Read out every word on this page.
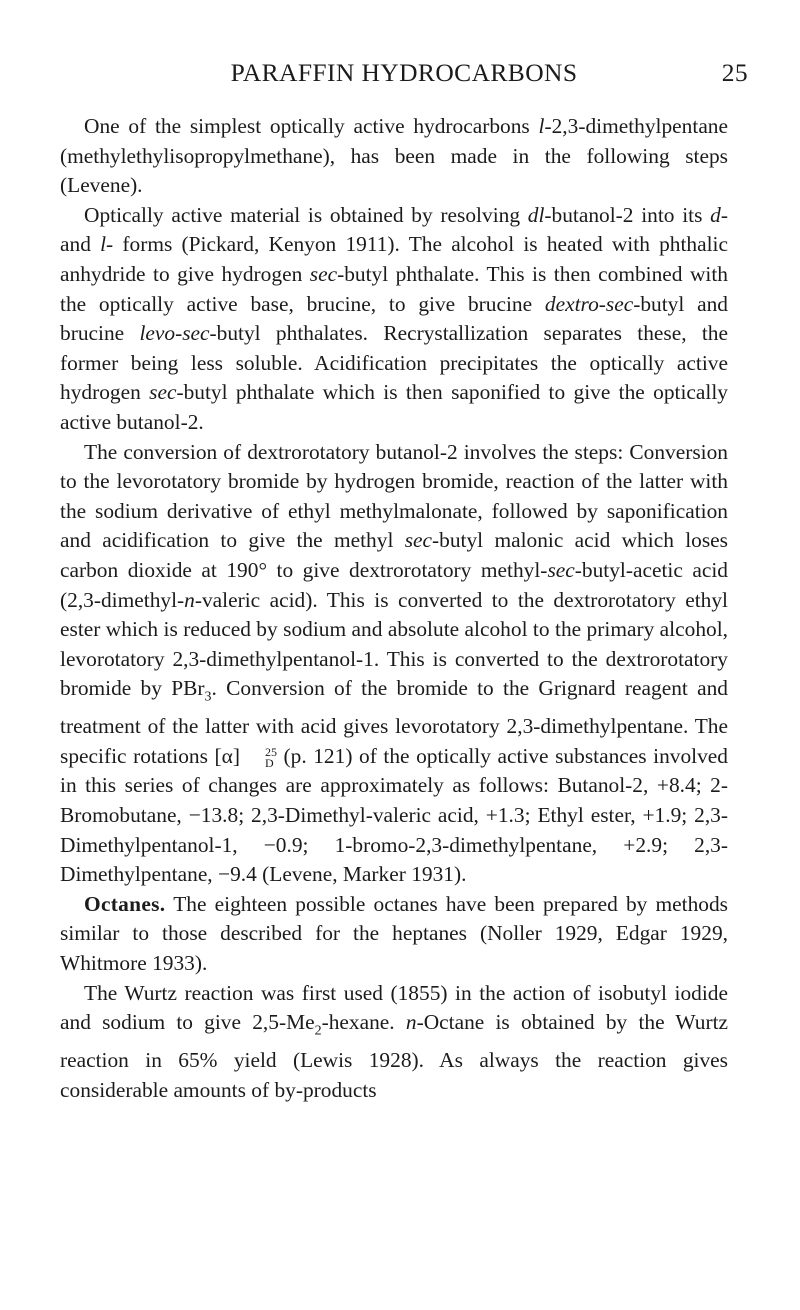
PARAFFIN HYDROCARBONS	25

One of the simplest optically active hydrocarbons l-2,3-dimethylpentane (methylethylisopropylmethane), has been made in the following steps (Levene).

Optically active material is obtained by resolving dl-butanol-2 into its d- and l- forms (Pickard, Kenyon 1911). The alcohol is heated with phthalic anhydride to give hydrogen sec-butyl phthalate. This is then combined with the optically active base, brucine, to give brucine dextro-sec-butyl and brucine levo-sec-butyl phthalates. Recrystallization separates these, the former being less soluble. Acidification precipitates the optically active hydrogen sec-butyl phthalate which is then saponified to give the optically active butanol-2.

The conversion of dextrorotatory butanol-2 involves the steps: Conversion to the levorotatory bromide by hydrogen bromide, reaction of the latter with the sodium derivative of ethyl methylmalonate, followed by saponification and acidification to give the methyl sec-butyl malonic acid which loses carbon dioxide at 190° to give dextrorotatory methyl-sec-butyl-acetic acid (2,3-dimethyl-n-valeric acid). This is converted to the dextrorotatory ethyl ester which is reduced by sodium and absolute alcohol to the primary alcohol, levorotatory 2,3-dimethylpentanol-1. This is converted to the dextrorotatory bromide by PBr$_3$. Conversion of the bromide to the Grignard reagent and treatment of the latter with acid gives levorotatory 2,3-dimethylpentane. The specific rotations [α]	25
D (p. 121) of the optically active substances involved in this series of changes are approximately as follows: Butanol-2, +8.4; 2-Bromobutane, −13.8; 2,3-Dimethyl-valeric acid, +1.3; Ethyl ester, +1.9; 2,3-Dimethylpentanol-1, −0.9; 1-bromo-2,3-dimethylpentane, +2.9; 2,3-Dimethylpentane, −9.4 (Levene, Marker 1931).

Octanes. The eighteen possible octanes have been prepared by methods similar to those described for the heptanes (Noller 1929, Edgar 1929, Whitmore 1933).

The Wurtz reaction was first used (1855) in the action of isobutyl iodide and sodium to give $2,5-Me_2$-hexane. n-Octane is obtained by the Wurtz reaction in 65% yield (Lewis 1928). As always the reaction gives considerable amounts of by-products
